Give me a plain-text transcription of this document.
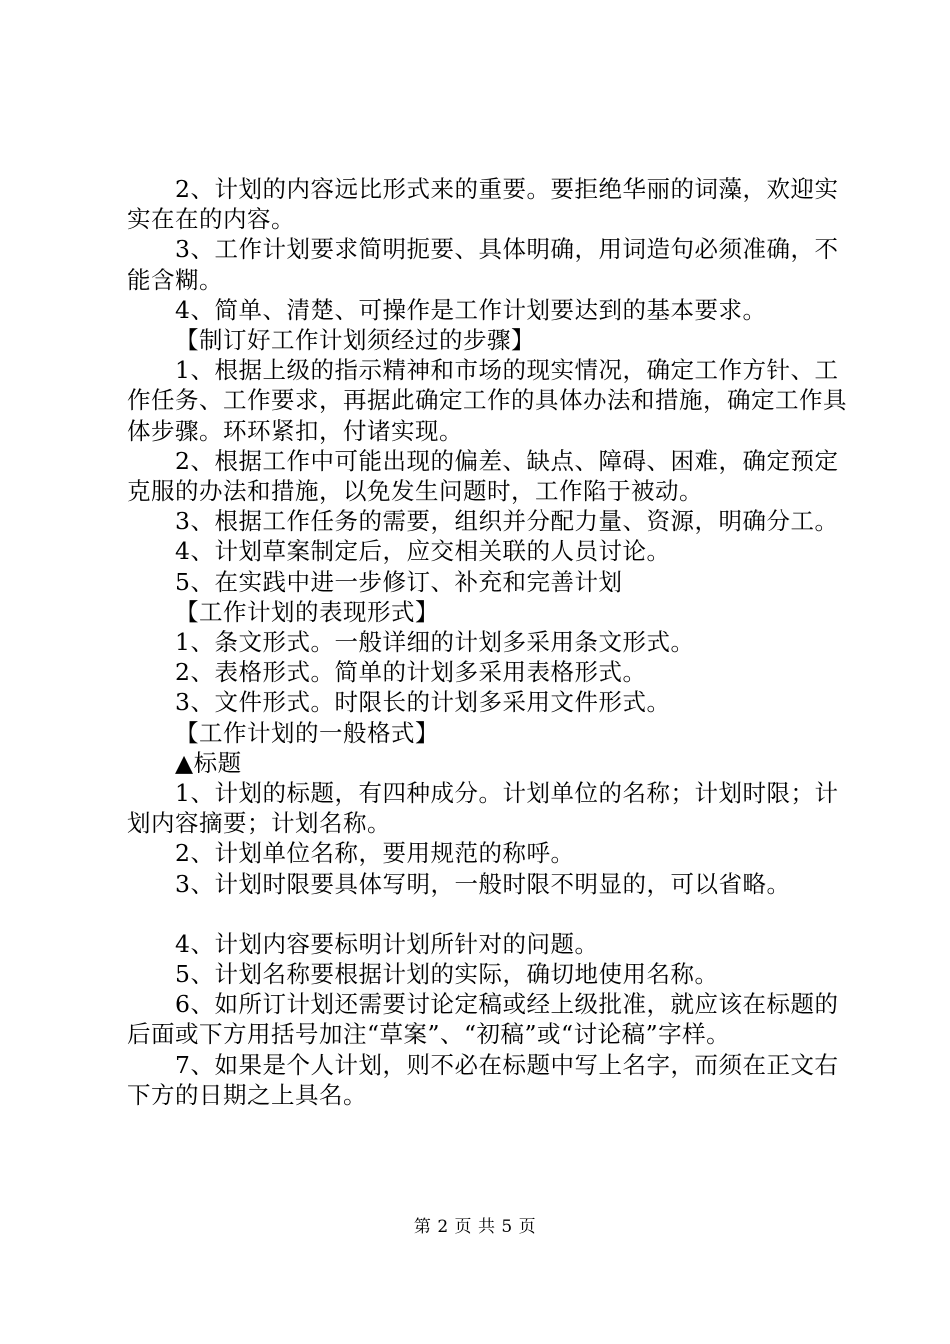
2、计划的内容远比形式来的重要。要拒绝华丽的词藻，欢迎实实在在的内容。

3、工作计划要求简明扼要、具体明确，用词造句必须准确，不能含糊。

4、简单、清楚、可操作是工作计划要达到的基本要求。

【制订好工作计划须经过的步骤】

1、根据上级的指示精神和市场的现实情况，确定工作方针、工作任务、工作要求，再据此确定工作的具体办法和措施，确定工作具体步骤。环环紧扣，付诸实现。

2、根据工作中可能出现的偏差、缺点、障碍、困难，确定预定克服的办法和措施，以免发生问题时，工作陷于被动。

3、根据工作任务的需要，组织并分配力量、资源，明确分工。

4、计划草案制定后，应交相关联的人员讨论。

5、在实践中进一步修订、补充和完善计划

【工作计划的表现形式】

1、条文形式。一般详细的计划多采用条文形式。

2、表格形式。简单的计划多采用表格形式。

3、文件形式。时限长的计划多采用文件形式。

【工作计划的一般格式】

▲标题

1、计划的标题，有四种成分。计划单位的名称；计划时限；计划内容摘要；计划名称。

2、计划单位名称，要用规范的称呼。

3、计划时限要具体写明，一般时限不明显的，可以省略。

4、计划内容要标明计划所针对的问题。

5、计划名称要根据计划的实际，确切地使用名称。

6、如所订计划还需要讨论定稿或经上级批准，就应该在标题的后面或下方用括号加注“草案”、“初稿”或“讨论稿”字样。

7、如果是个人计划，则不必在标题中写上名字，而须在正文右下方的日期之上具名。

第 2 页 共 5 页
